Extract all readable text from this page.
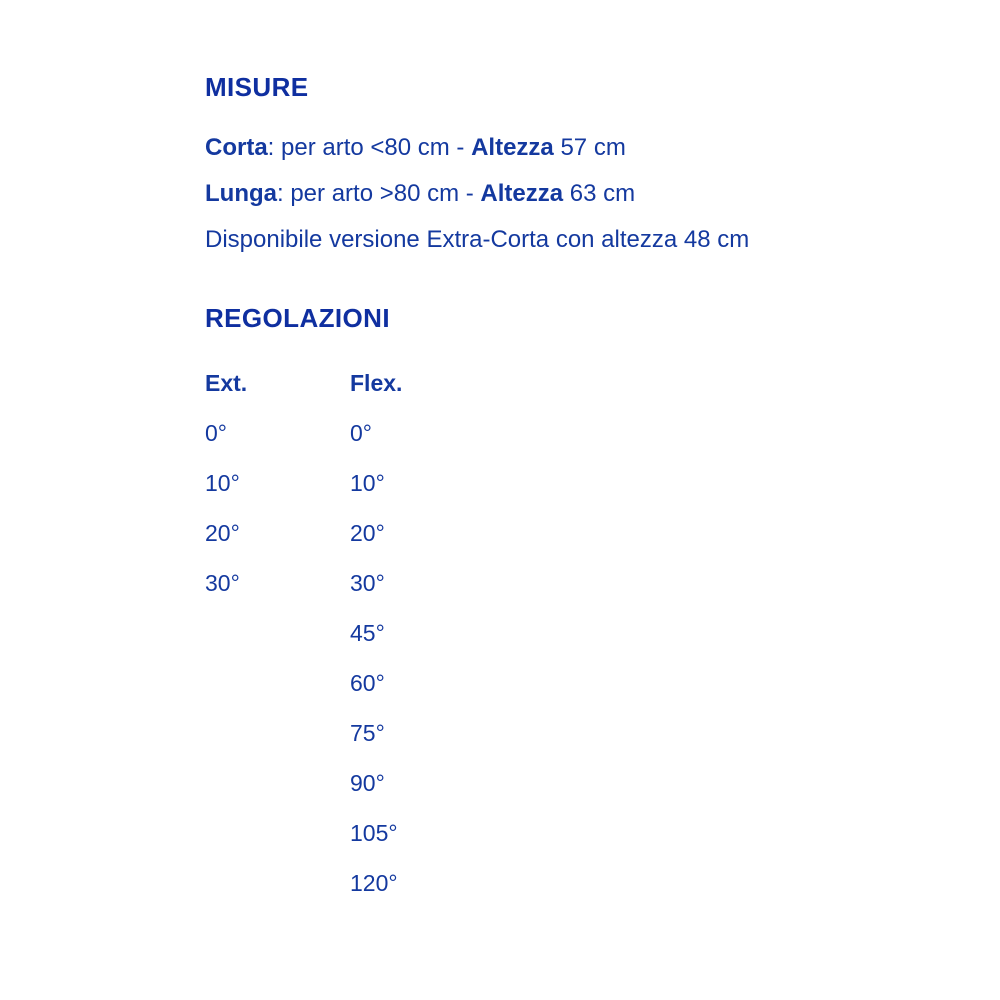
MISURE
Corta: per arto <80 cm - Altezza 57 cm
Lunga: per arto >80 cm - Altezza 63 cm
Disponibile versione Extra-Corta con altezza 48 cm
REGOLAZIONI
Ext.
0°
10°
20°
30°
Flex.
0°
10°
20°
30°
45°
60°
75°
90°
105°
120°
